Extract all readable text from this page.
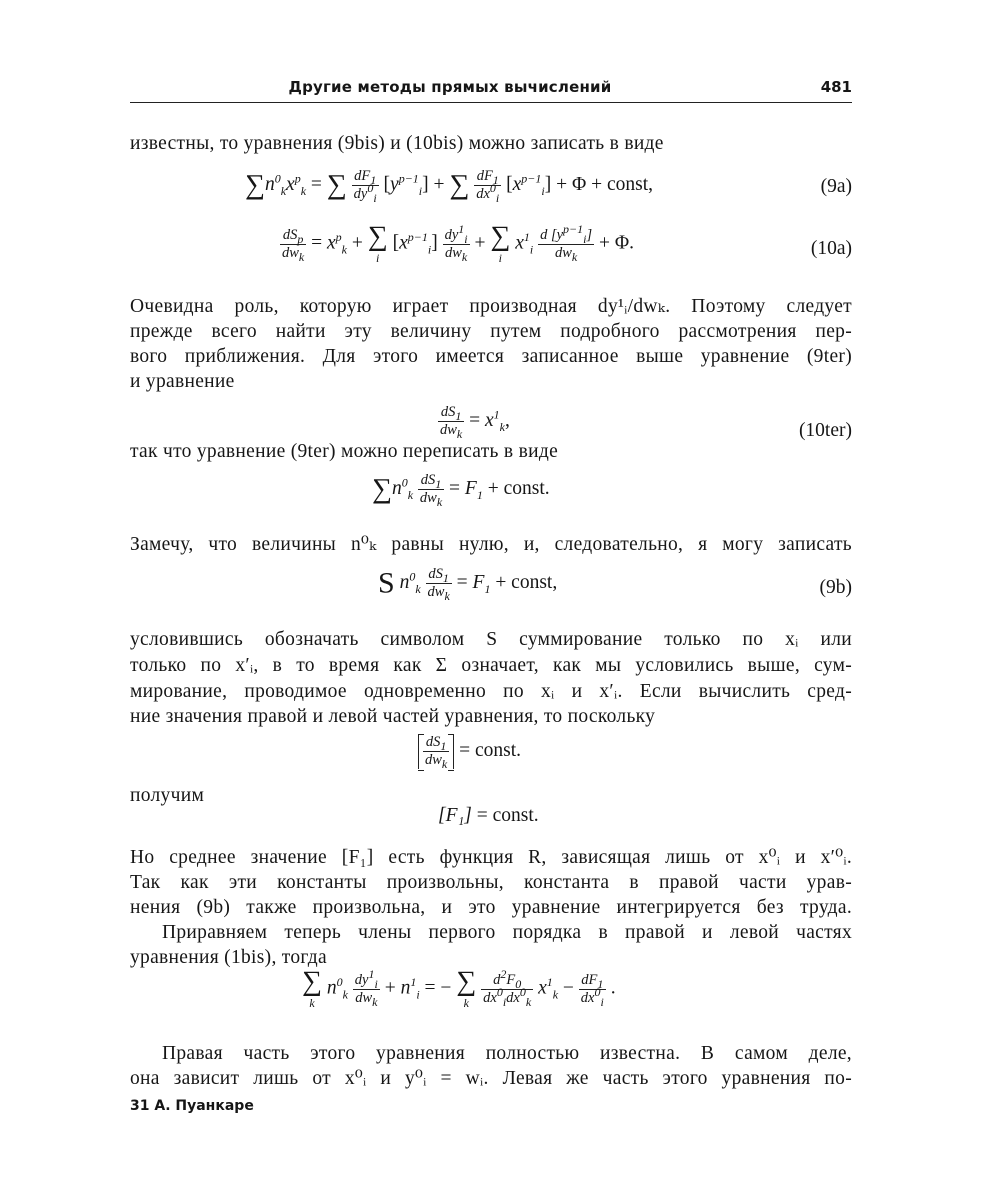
Другие методы прямых вычислений	481
известны, то уравнения (9bis) и (10bis) можно записать в виде
$\sum n^0_kx^p_k$ = ∑ $\frac{dF_1}{dy^0_i} [y^{p-1}_i]$ + ∑ $\frac{dF_1}{dx^0_i} [x^{p-1}_i] + \Phi$ + const,	(9a)
$\frac{dS_p}{dw_k} = x^p_k$ + ∑
i
$[x^{p-1}_i] \frac{dy^1_i}{dw_k}$ + ∑
i
$x^1_i \frac{d [y^{p-1}_i]}{dw_k} + \Phi$.	(10a)
Очевидна роль, которую играет производная dy¹ᵢ/dwₖ. Поэтому следует
прежде всего найти эту величину путем подробного рассмотрения пер-
вого приближения. Для этого имеется записанное выше уравнение (9ter)
и уравнение
$\frac{dS_1}{dw_k} = x^1_k$,	(10ter)
так что уравнение (9ter) можно переписать в виде
$\sum n^0_k \frac{dS_1}{dw_k} = F_1$ + const.
Замечу, что величины n⁰ₖ равны нулю, и, следовательно, я могу записать
S $n^0_k \frac{dS_1}{dw_k} = F_1$ + const,	(9b)
условившись обозначать символом S суммирование только по xᵢ или
только по x′ᵢ, в то время как Σ означает, как мы условились выше, сум-
мирование, проводимое одновременно по xᵢ и x′ᵢ. Если вычислить сред-
ние значения правой и левой частей уравнения, то поскольку
$\frac{dS_1}{dw_k}$ = const.
получим
[F₁] = const.
Но среднее значение [F₁] есть функция R, зависящая лишь от x⁰ᵢ и x′⁰ᵢ.
Так как эти константы произвольны, константа в правой части урав-
нения (9b) также произвольна, и это уравнение интегрируется без труда.
Приравняем теперь члены первого порядка в правой и левой частях
уравнения (1bis), тогда
∑
k
$n^0_k \frac{dy^1_i}{dw_k} + n^1_i$ = − ∑
k
$\frac{d^2F_0}{dx^0_idx^0_k} x^1_k - \frac{dF_1}{dx^0_i}$ .
Правая часть этого уравнения полностью известна. В самом деле,
она зависит лишь от x⁰ᵢ и y⁰ᵢ = wᵢ. Левая же часть этого уравнения по-
31 А. Пуанкаре
